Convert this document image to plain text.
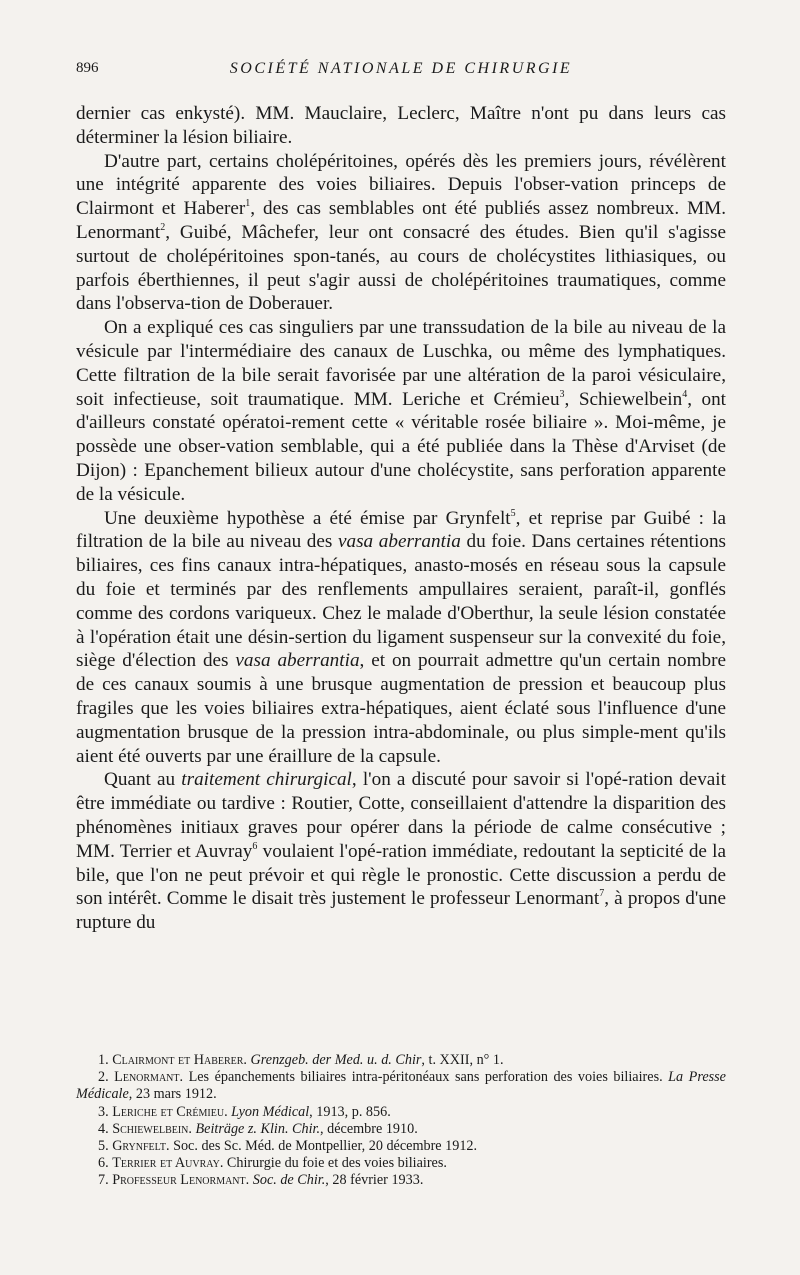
896	SOCIÉTÉ NATIONALE DE CHIRURGIE

dernier cas enkysté). MM. Mauclaire, Leclerc, Maître n'ont pu dans leurs cas déterminer la lésion biliaire.

D'autre part, certains cholépéritoines, opérés dès les premiers jours, révélèrent une intégrité apparente des voies biliaires. Depuis l'obser-vation princeps de Clairmont et Haberer$^1$, des cas semblables ont été publiés assez nombreux. MM. Lenormant$^2$, Guibé, Mâchefer, leur ont consacré des études. Bien qu'il s'agisse surtout de cholépéritoines spon-tanés, au cours de cholécystites lithiasiques, ou parfois éberthiennes, il peut s'agir aussi de cholépéritoines traumatiques, comme dans l'observa-tion de Doberauer.

On a expliqué ces cas singuliers par une transsudation de la bile au niveau de la vésicule par l'intermédiaire des canaux de Luschka, ou même des lymphatiques. Cette filtration de la bile serait favorisée par une altération de la paroi vésiculaire, soit infectieuse, soit traumatique. MM. Leriche et Crémieu$^3$, Schiewelbein$^4$, ont d'ailleurs constaté opératoi-rement cette « véritable rosée biliaire ». Moi-même, je possède une obser-vation semblable, qui a été publiée dans la Thèse d'Arviset (de Dijon) : Epanchement bilieux autour d'une cholécystite, sans perforation apparente de la vésicule.

Une deuxième hypothèse a été émise par Grynfelt$^5$, et reprise par Guibé : la filtration de la bile au niveau des vasa aberrantia du foie. Dans certaines rétentions biliaires, ces fins canaux intra-hépatiques, anasto-mosés en réseau sous la capsule du foie et terminés par des renflements ampullaires seraient, paraît-il, gonflés comme des cordons variqueux. Chez le malade d'Oberthur, la seule lésion constatée à l'opération était une désin-sertion du ligament suspenseur sur la convexité du foie, siège d'élection des vasa aberrantia, et on pourrait admettre qu'un certain nombre de ces canaux soumis à une brusque augmentation de pression et beaucoup plus fragiles que les voies biliaires extra-hépatiques, aient éclaté sous l'influence d'une augmentation brusque de la pression intra-abdominale, ou plus simple-ment qu'ils aient été ouverts par une éraillure de la capsule.

Quant au traitement chirurgical, l'on a discuté pour savoir si l'opé-ration devait être immédiate ou tardive : Routier, Cotte, conseillaient d'attendre la disparition des phénomènes initiaux graves pour opérer dans la période de calme consécutive ; MM. Terrier et Auvray$^6$ voulaient l'opé-ration immédiate, redoutant la septicité de la bile, que l'on ne peut prévoir et qui règle le pronostic. Cette discussion a perdu de son intérêt. Comme le disait très justement le professeur Lenormant$^7$, à propos d'une rupture du

1. Clairmont et Haberer. Grenzgeb. der Med. u. d. Chir, t. XXII, n° 1.

2. Lenormant. Les épanchements biliaires intra-péritonéaux sans perforation des voies biliaires. La Presse Médicale, 23 mars 1912.

3. Leriche et Crémieu. Lyon Médical, 1913, p. 856.

4. Schiewelbein. Beiträge z. Klin. Chir., décembre 1910.

5. Grynfelt. Soc. des Sc. Méd. de Montpellier, 20 décembre 1912.

6. Terrier et Auvray. Chirurgie du foie et des voies biliaires.

7. Professeur Lenormant. Soc. de Chir., 28 février 1933.
